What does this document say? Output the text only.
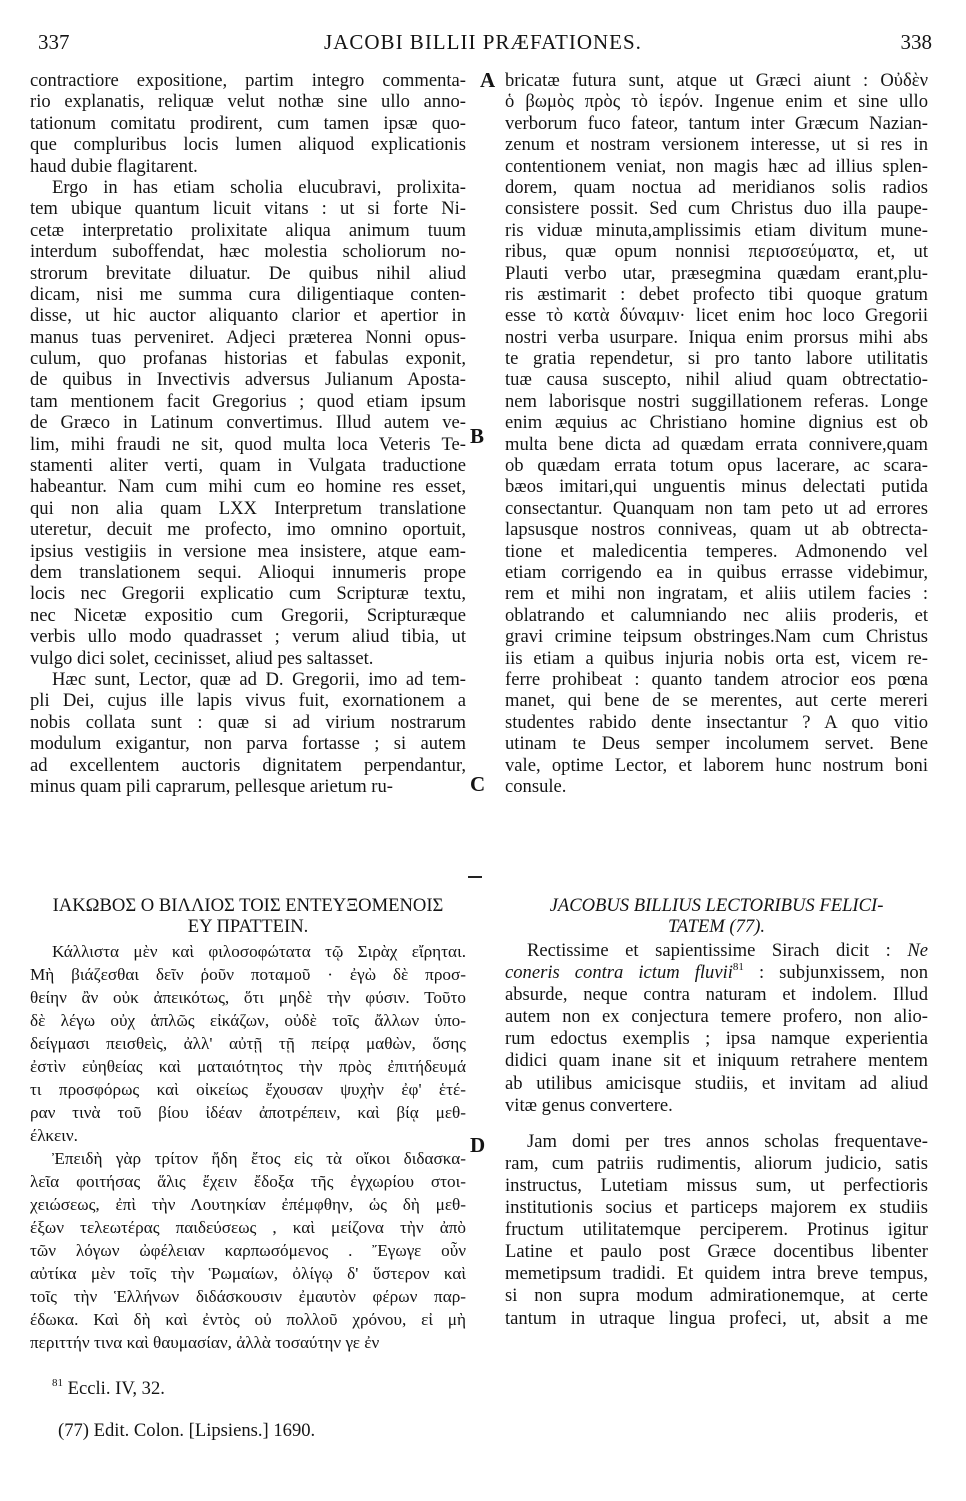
337	JACOBI BILLII PRÆFATIONES.	338
contractiore expositione, partim integro commenta-
rio explanatis, reliquæ velut nothæ sine ullo anno-
tationum comitatu prodirent, cum tamen ipsæ quo-
que compluribus locis lumen aliquod explicationis
haud dubie flagitarent.
Ergo in has etiam scholia elucubravi, prolixita-
tem ubique quantum licuit vitans : ut si forte Ni-
cetæ interpretatio prolixitate aliqua animum tuum
interdum suboffendat, hæc molestia scholiorum no-
strorum brevitate diluatur. De quibus nihil aliud
dicam, nisi me summa cura diligentiaque conten-
disse, ut hic auctor aliquanto clarior et apertior in
manus tuas perveniret. Adjeci præterea Nonni opus-
culum, quo profanas historias et fabulas exponit,
de quibus in Invectivis adversus Julianum Aposta-
tam mentionem facit Gregorius ; quod etiam ipsum
de Græco in Latinum convertimus. Illud autem ve-
lim, mihi fraudi ne sit, quod multa loca Veteris Te-
stamenti aliter verti, quam in Vulgata traductione
habeantur. Nam cum mihi cum eo homine res esset,
qui non alia quam LXX Interpretum translatione
uteretur, decuit me profecto, imo omnino oportuit,
ipsius vestigiis in versione mea insistere, atque eam-
dem translationem sequi. Alioqui innumeris prope
locis nec Gregorii explicatio cum Scripturæ textu,
nec Nicetæ expositio cum Gregorii, Scripturæque
verbis ullo modo quadrasset ; verum aliud tibia, ut
vulgo dici solet, cecinisset, aliud pes saltasset.
Hæc sunt, Lector, quæ ad D. Gregorii, imo ad tem-
pli Dei, cujus ille lapis vivus fuit, exornationem a
nobis collata sunt : quæ si ad virium nostrarum
modulum exigantur, non parva fortasse ; si autem
ad excellentem auctoris dignitatem perpendantur,
minus quam pili caprarum, pellesque arietum ru-
bricatæ futura sunt, atque ut Græci aiunt : Οὐδὲν
ὁ βωμὸς πρὸς τὸ ἱερόν. Ingenue enim et sine ullo
verborum fuco fateor, tantum inter Græcum Nazian-
zenum et nostram versionem interesse, ut si res in
contentionem veniat, non magis hæc ad illius splen-
dorem, quam noctua ad meridianos solis radios
consistere possit. Sed cum Christus duo illa paupe-
ris viduæ minuta,amplissimis etiam divitum mune-
ribus, quæ opum nonnisi περισσεύματα, et, ut
Plauti verbo utar, præsegmina quædam erant,plu-
ris æstimarit : debet profecto tibi quoque gratum
esse τὸ κατὰ δύναμιν· licet enim hoc loco Gregorii
nostri verba usurpare. Iniqua enim prorsus mihi abs
te gratia rependetur, si pro tanto labore utilitatis
tuæ causa suscepto, nihil aliud quam obtrectatio-
nem laborisque nostri suggillationem referas. Longe
enim æquius ac Christiano homine dignius est ob
multa bene dicta ad quædam errata connivere,quam
ob quædam errata totum opus lacerare, ac scara-
bæos imitari,qui unguentis minus delectati putida
consectantur. Quanquam non tam peto ut ad errores
lapsusque nostros conniveas, quam ut ab obtrecta-
tione et maledicentia temperes. Admonendo vel
etiam corrigendo ea in quibus errasse videbimur,
rem et mihi non ingratam, et aliis utilem facies :
oblatrando et calumniando nec aliis proderis, et
gravi crimine teipsum obstringes.Nam cum Christus
iis etiam a quibus injuria nobis orta est, vicem re-
ferre prohibeat : quanto tandem atrocior eos pœna
manet, qui bene de se merentes, aut certe mereri
studentes rabido dente insectantur ? A quo vitio
utinam te Deus semper incolumem servet. Bene
vale, optime Lector, et laborem hunc nostrum boni
consule.
A
B
C
D
ΙΑΚΩΒΟΣ Ο ΒΙΛΛΙΟΣ ΤΟΙΣ ΕΝΤΕΥΞΟΜΕΝΟΙΣ
ΕΥ ΠΡΑΤΤΕΙΝ.
JACOBUS BILLIUS LECTORIBUS FELICI-
TATEM (77).
Κάλλιστα μὲν καὶ φιλοσοφώτατα τῷ Σιρὰχ εἴρηται.
Μὴ βιάζεσθαι δεῖν ῥοῦν ποταμοῦ · ἐγὼ δὲ προσ-
θείην ἂν οὐκ ἀπεικότως, ὅτι μηδὲ τὴν φύσιν. Τοῦτο
δὲ λέγω οὐχ ἁπλῶς εἰκάζων, οὐδὲ τοῖς ἄλλων ὑπο-
δείγμασι πεισθεὶς, ἀλλ' αὐτῇ τῇ πείρᾳ μαθὼν, ὅσης
ἐστὶν εὐηθείας καὶ ματαιότητος τὴν πρὸς ἐπιτήδευμά
τι προσφόρως καὶ οἰκείως ἔχουσαν ψυχὴν ἐφ' ἑτέ-
ραν τινὰ τοῦ βίου ἰδέαν ἀποτρέπειν, καὶ βίᾳ μεθ-
έλκειν.
Ἐπειδὴ γὰρ τρίτον ἤδη ἔτος εἰς τὰ οἴκοι διδασκα-
λεῖα φοιτήσας ἅλις ἔχειν ἔδοξα τῆς ἐγχωρίου στοι-
χειώσεως, ἐπὶ τὴν Λουτηκίαν ἐπέμφθην, ὡς δὴ μεθ-
έξων τελεωτέρας παιδεύσεως , καὶ μείζονα τὴν ἀπὸ
τῶν λόγων ὠφέλειαν καρπωσόμενος . Ἔγωγε οὖν
αὐτίκα μὲν τοῖς τὴν Ῥωμαίων, ὀλίγῳ δ' ὕστερον καὶ
τοῖς τὴν Ἑλλήνων διδάσκουσιν ἐμαυτὸν φέρων παρ-
έδωκα. Καὶ δὴ καὶ ἐντὸς οὐ πολλοῦ χρόνου, εἰ μὴ
περιττήν τινα καὶ θαυμασίαν, ἀλλὰ τοσαύτην γε ἐν
Rectissime et sapientissime Sirach dicit : Ne
coneris contra ictum fluvii$^{81}$ : subjunxissem, non
absurde, neque contra naturam et indolem. Illud
autem non ex conjectura temere profero, non alio-
rum edoctus exemplis ; ipsa namque experientia
didici quam inane sit et iniquum retrahere mentem
ab utilibus amicisque studiis, et invitam ad aliud
vitæ genus convertere.
Jam domi per tres annos scholas frequentave-
ram, cum patriis rudimentis, aliorum judicio, satis
instructus, Lutetiam missus sum, ut perfectioris
institutionis socius et particeps majorem ex studiis
fructum utilitatemque perciperem. Protinus igitur
Latine et paulo post Græce docentibus libenter
memetipsum tradidi. Et quidem intra breve tempus,
si non supra modum admirationemque, at certe
tantum in utraque lingua profeci, ut, absit a me
$^{81}$ Eccli. IV, 32.
(77) Edit. Colon. [Lipsiens.] 1690.
